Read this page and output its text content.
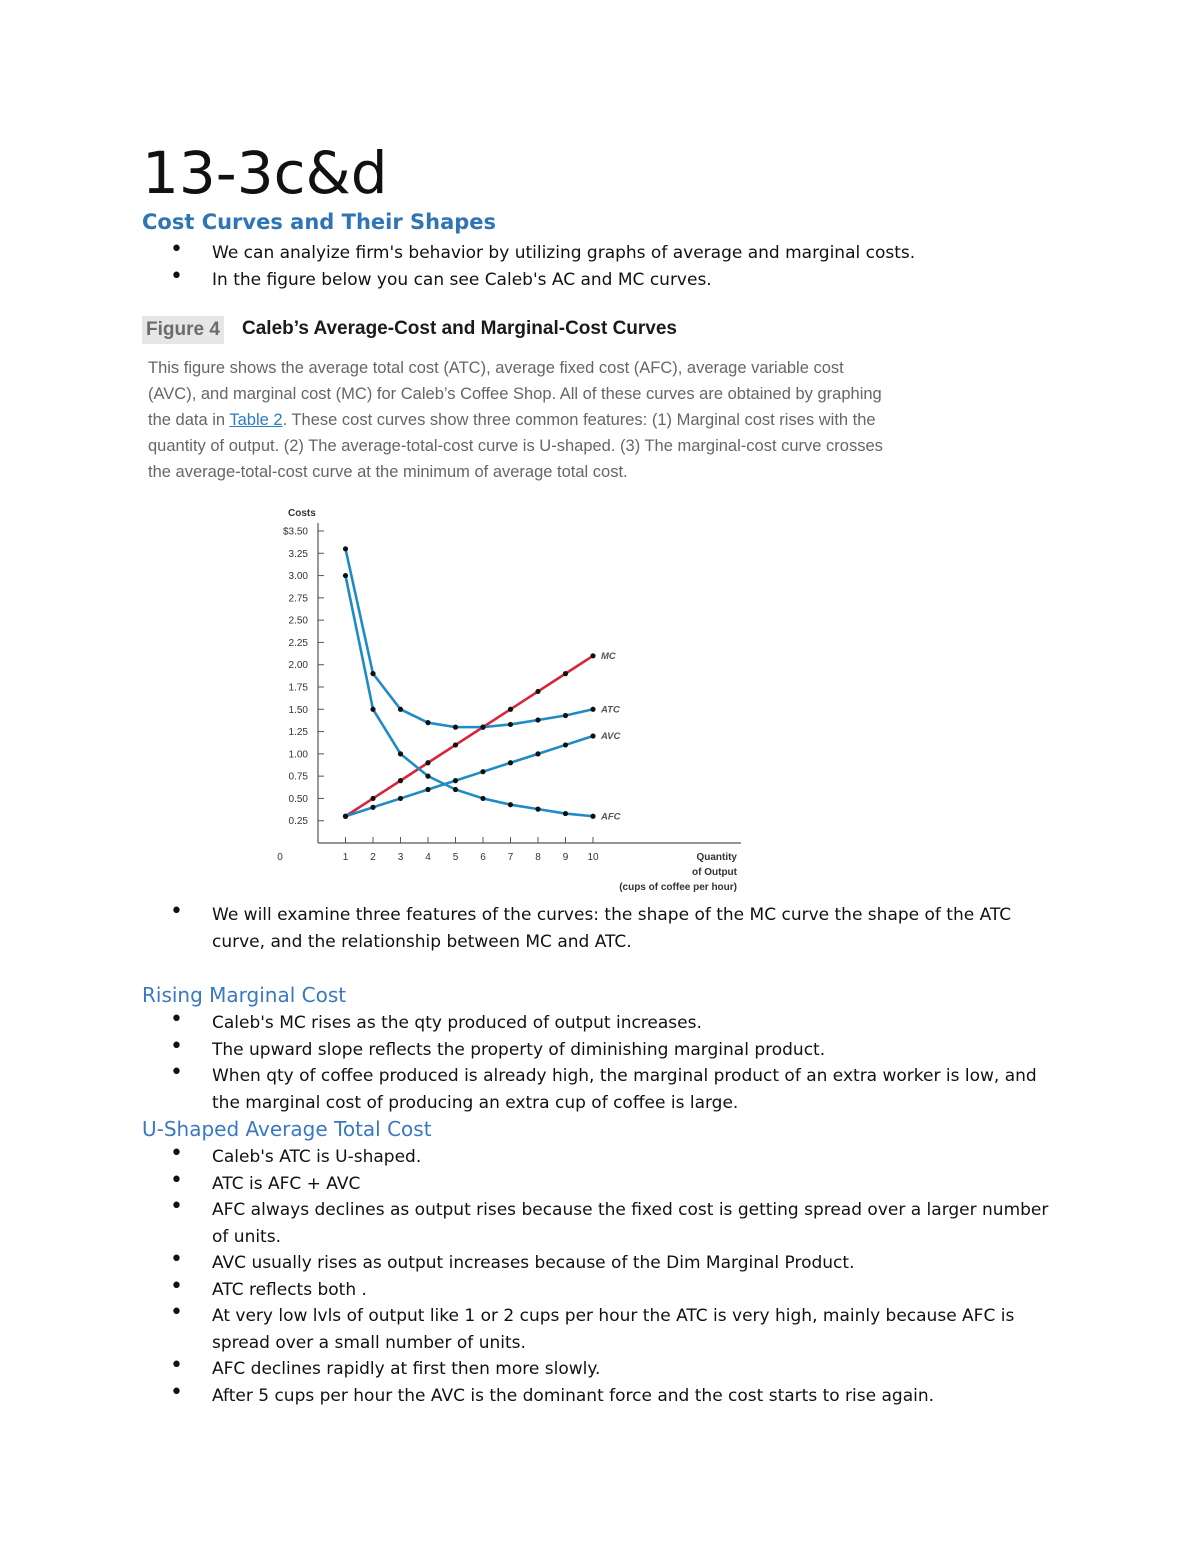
13-3c&d
Cost Curves and Their Shapes
• We can analyize firm's behavior by utilizing graphs of average and marginal costs.
• In the figure below you can see Caleb's AC and MC curves.
Figure 4 Caleb’s Average-Cost and Marginal-Cost Curves
This figure shows the average total cost (ATC), average fixed cost (AFC), average variable cost (AVC), and marginal cost (MC) for Caleb’s Coffee Shop. All of these curves are obtained by graphing the data in Table 2. These cost curves show three common features: (1) Marginal cost rises with the quantity of output. (2) The average-total-cost curve is U-shaped. (3) The marginal-cost curve crosses the average-total-cost curve at the minimum of average total cost.
Costs
0.25
0.50
0.75
1.00
1.25
1.50
1.75
2.00
2.25
2.50
2.75
3.00
3.25
$3.50
0	1 2 3 4 5 6 7 8 9 10	Quantity
of Output
(cups of coffee per hour)
MC
ATC
AVC
AFC
• We will examine three features of the curves: the shape of the MC curve the shape of the ATC curve, and the relationship between MC and ATC.
Rising Marginal Cost
• Caleb's MC rises as the qty produced of output increases.
• The upward slope reflects the property of diminishing marginal product.
• When qty of coffee produced is already high, the marginal product of an extra worker is low, and the marginal cost of producing an extra cup of coffee is large.
U-Shaped Average Total Cost
• Caleb's ATC is U-shaped.
• ATC is AFC + AVC
• AFC always declines as output rises because the fixed cost is getting spread over a larger number of units.
• AVC usually rises as output increases because of the Dim Marginal Product.
• ATC reflects both .
• At very low lvls of output like 1 or 2 cups per hour the ATC is very high, mainly because AFC is spread over a small number of units.
• AFC declines rapidly at first then more slowly.
• After 5 cups per hour the AVC is the dominant force and the cost starts to rise again.
